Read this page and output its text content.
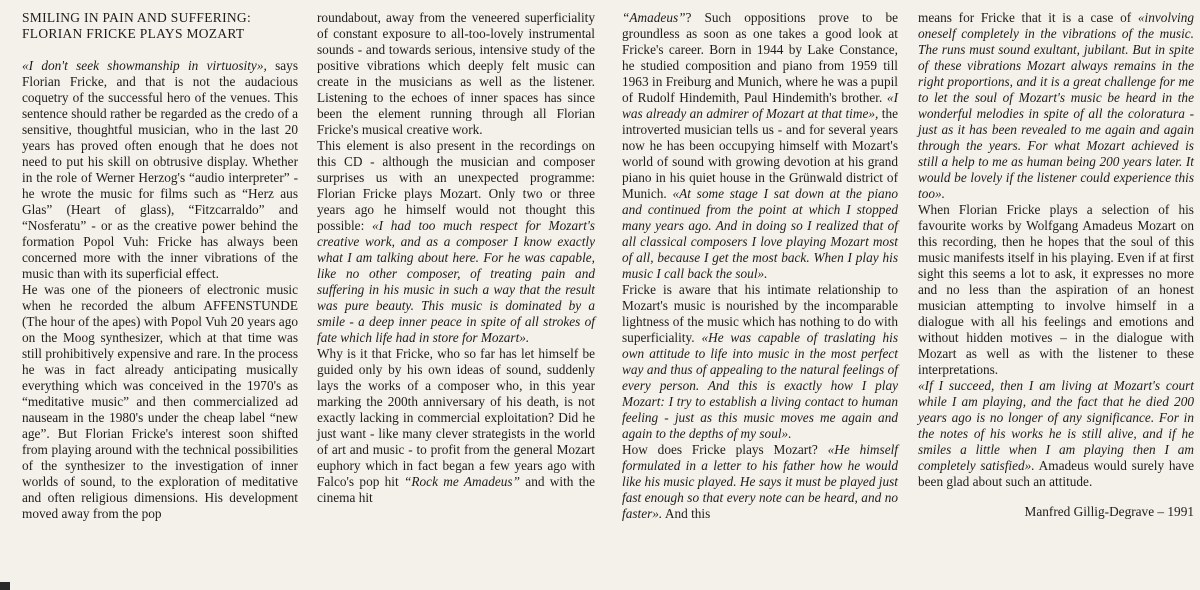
SMILING IN PAIN AND SUFFERING:
FLORIAN FRICKE PLAYS MOZART

«I don't seek showmanship in virtuosity», says Florian Fricke, and that is not the audacious coquetry of the successful hero of the venues. This sentence should rather be regarded as the credo of a sensitive, thoughtful musician, who in the last 20 years has proved often enough that he does not need to put his skill on obtrusive display. Whether in the role of Werner Herzog's “audio interpreter” - he wrote the music for films such as “Herz aus Glas” (Heart of glass), “Fitzcarraldo” and “Nosferatu” - or as the creative power behind the formation Popol Vuh: Fricke has always been concerned more with the inner vibrations of the music than with its superficial effect.

He was one of the pioneers of electronic music when he recorded the album AFFENSTUNDE (The hour of the apes) with Popol Vuh 20 years ago on the Moog synthesizer, which at that time was still prohibitively expensive and rare. In the process he was in fact already anticipating musically everything which was conceived in the 1970's as “meditative music” and then commercialized ad nauseam in the 1980's under the cheap label “new age”. But Florian Fricke's interest soon shifted from playing around with the technical possibilities of the synthesizer to the investigation of inner worlds of sound, to the exploration of meditative and often religious dimensions. His development moved away from the pop

roundabout, away from the veneered superficiality of constant exposure to all-too-lovely instrumental sounds - and towards serious, intensive study of the positive vibrations which deeply felt music can create in the musicians as well as the listener. Listening to the echoes of inner spaces has since been the element running through all Florian Fricke's musical creative work.

This element is also present in the recordings on this CD - although the musician and composer surprises us with an unexpected programme: Florian Fricke plays Mozart. Only two or three years ago he himself would not thought this possible: «I had too much respect for Mozart's creative work, and as a composer I know exactly what I am talking about here. For he was capable, like no other composer, of treating pain and suffering in his music in such a way that the result was pure beauty. This music is dominated by a smile - a deep inner peace in spite of all strokes of fate which life had in store for Mozart».

Why is it that Fricke, who so far has let himself be guided only by his own ideas of sound, suddenly lays the works of a composer who, in this year marking the 200th anniversary of his death, is not exactly lacking in commercial exploitation? Did he just want - like many clever strategists in the world of art and music - to profit from the general Mozart euphory which in fact began a few years ago with Falco's pop hit “Rock me Amadeus” and with the cinema hit

“Amadeus”? Such oppositions prove to be groundless as soon as one takes a good look at Fricke's career. Born in 1944 by Lake Constance, he studied composition and piano from 1959 till 1963 in Freiburg and Munich, where he was a pupil of Rudolf Hindemith, Paul Hindemith's brother. «I was already an admirer of Mozart at that time», the introverted musician tells us - and for several years now he has been occupying himself with Mozart's world of sound with growing devotion at his grand piano in his quiet house in the Grünwald district of Munich. «At some stage I sat down at the piano and continued from the point at which I stopped many years ago. And in doing so I realized that of all classical composers I love playing Mozart most of all, because I get the most back. When I play his music I call back the soul».

Fricke is aware that his intimate relationship to Mozart's music is nourished by the incomparable lightness of the music which has nothing to do with superficiality. «He was capable of traslating his own attitude to life into music in the most perfect way and thus of appealing to the natural feelings of every person. And this is exactly how I play Mozart: I try to establish a living contact to human feeling - just as this music moves me again and again to the depths of my soul».

How does Fricke plays Mozart? «He himself formulated in a letter to his father how he would like his music played. He says it must be played just fast enough so that every note can be heard, and no faster». And this

means for Fricke that it is a case of «involving oneself completely in the vibrations of the music. The runs must sound exultant, jubilant. But in spite of these vibrations Mozart always remains in the right proportions, and it is a great challenge for me to let the soul of Mozart's music be heard in the wonderful melodies in spite of all the coloratura - just as it has been revealed to me again and again through the years. For what Mozart achieved is still a help to me as human being 200 years later. It would be lovely if the listener could experience this too».

When Florian Fricke plays a selection of his favourite works by Wolfgang Amadeus Mozart on this recording, then he hopes that the soul of this music manifests itself in his playing. Even if at first sight this seems a lot to ask, it expresses no more and no less than the aspiration of an honest musician attempting to involve himself in a dialogue with all his feelings and emotions and without hidden motives – in the dialogue with Mozart as well as with the listener to these interpretations.

«If I succeed, then I am living at Mozart's court while I am playing, and the fact that he died 200 years ago is no longer of any significance. For in the notes of his works he is still alive, and if he smiles a little when I am playing then I am completely satisfied». Amadeus would surely have been glad about such an attitude.

Manfred Gillig-Degrave – 1991
